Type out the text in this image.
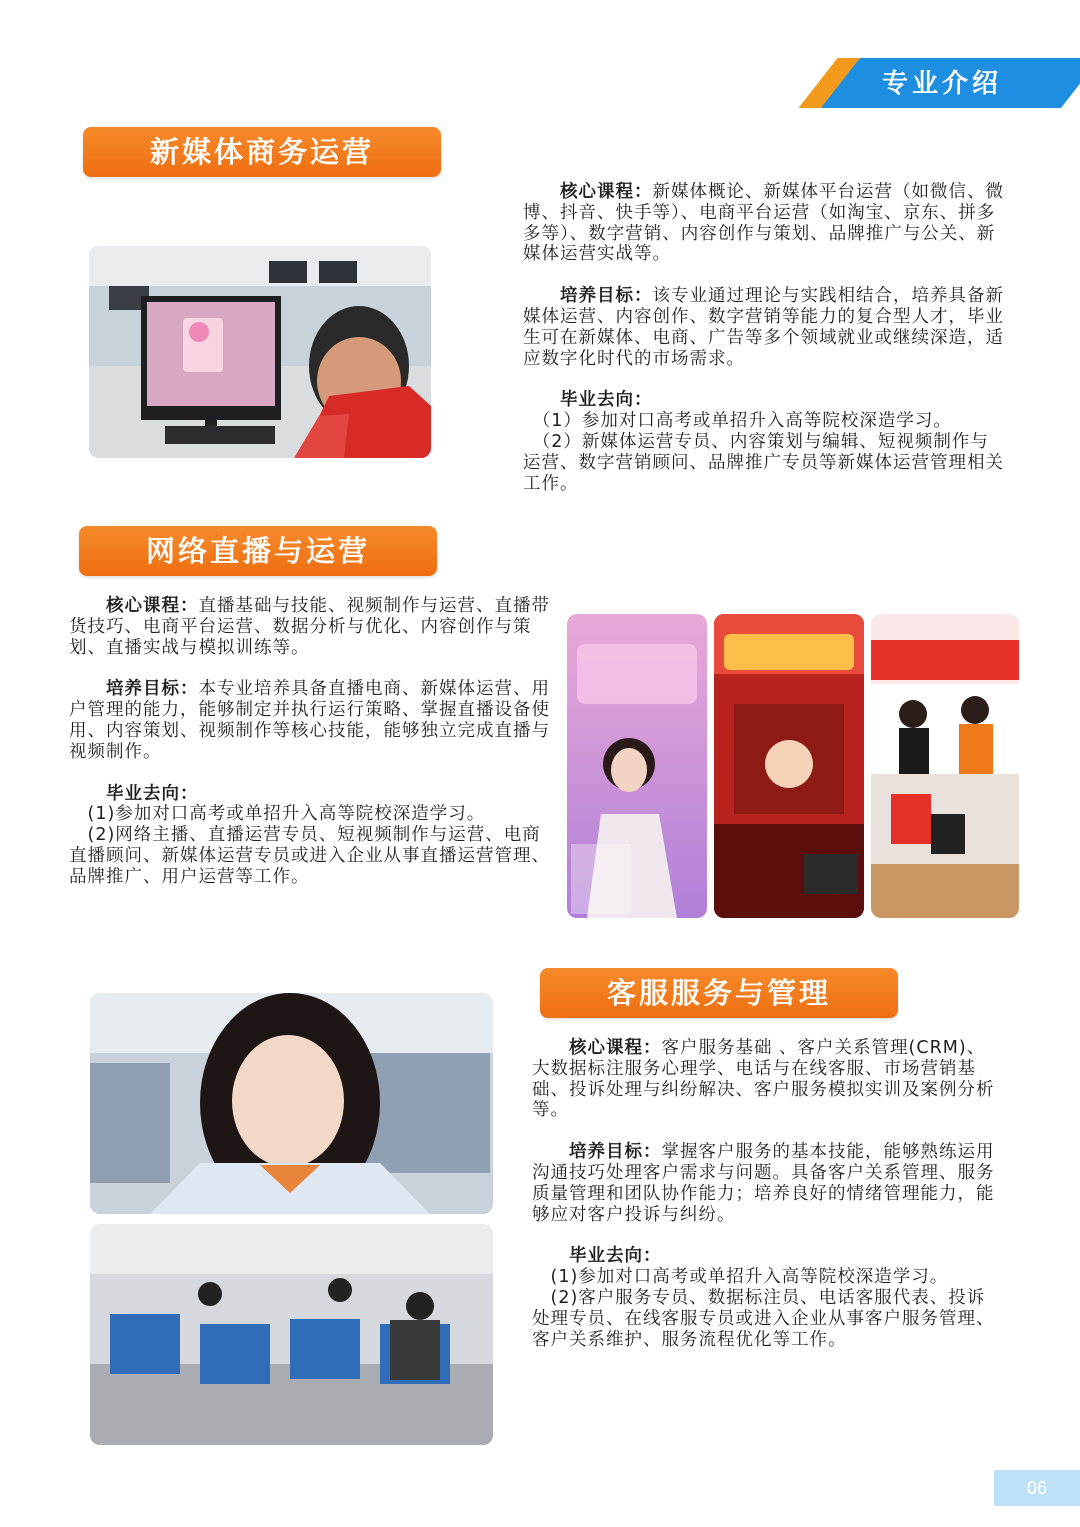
专业介绍
新媒体商务运营

　　核心课程：新媒体概论、新媒体平台运营（如微信、微博、抖音、快手等）、电商平台运营（如淘宝、京东、拼多多等）、数字营销、内容创作与策划、品牌推广与公关、新媒体运营实战等。

　　培养目标：该专业通过理论与实践相结合，培养具备新媒体运营、内容创作、数字营销等能力的复合型人才，毕业生可在新媒体、电商、广告等多个领域就业或继续深造，适应数字化时代的市场需求。

　　毕业去向：

　（1）参加对口高考或单招升入高等院校深造学习。

　（2）新媒体运营专员、内容策划与编辑、短视频制作与运营、数字营销顾问、品牌推广专员等新媒体运营管理相关工作。

网络直播与运营

　　核心课程：直播基础与技能、视频制作与运营、直播带货技巧、电商平台运营、数据分析与优化、内容创作与策划、直播实战与模拟训练等。

　　培养目标：本专业培养具备直播电商、新媒体运营、用户管理的能力，能够制定并执行运行策略、掌握直播设备使用、内容策划、视频制作等核心技能，能够独立完成直播与视频制作。

　　毕业去向：

　(1)参加对口高考或单招升入高等院校深造学习。

　(2)网络主播、直播运营专员、短视频制作与运营、电商直播顾问、新媒体运营专员或进入企业从事直播运营管理、品牌推广、用户运营等工作。

客服服务与管理

　　核心课程：客户服务基础 、客户关系管理(CRM)、大数据标注服务心理学、电话与在线客服、市场营销基础、投诉处理与纠纷解决、客户服务模拟实训及案例分析等。

　　培养目标：掌握客户服务的基本技能，能够熟练运用沟通技巧处理客户需求与问题。具备客户关系管理、服务质量管理和团队协作能力；培养良好的情绪管理能力，能够应对客户投诉与纠纷。

　　毕业去向：

　(1)参加对口高考或单招升入高等院校深造学习。

　(2)客户服务专员、数据标注员、电话客服代表、投诉处理专员、在线客服专员或进入企业从事客户服务管理、客户关系维护、服务流程优化等工作。

06
